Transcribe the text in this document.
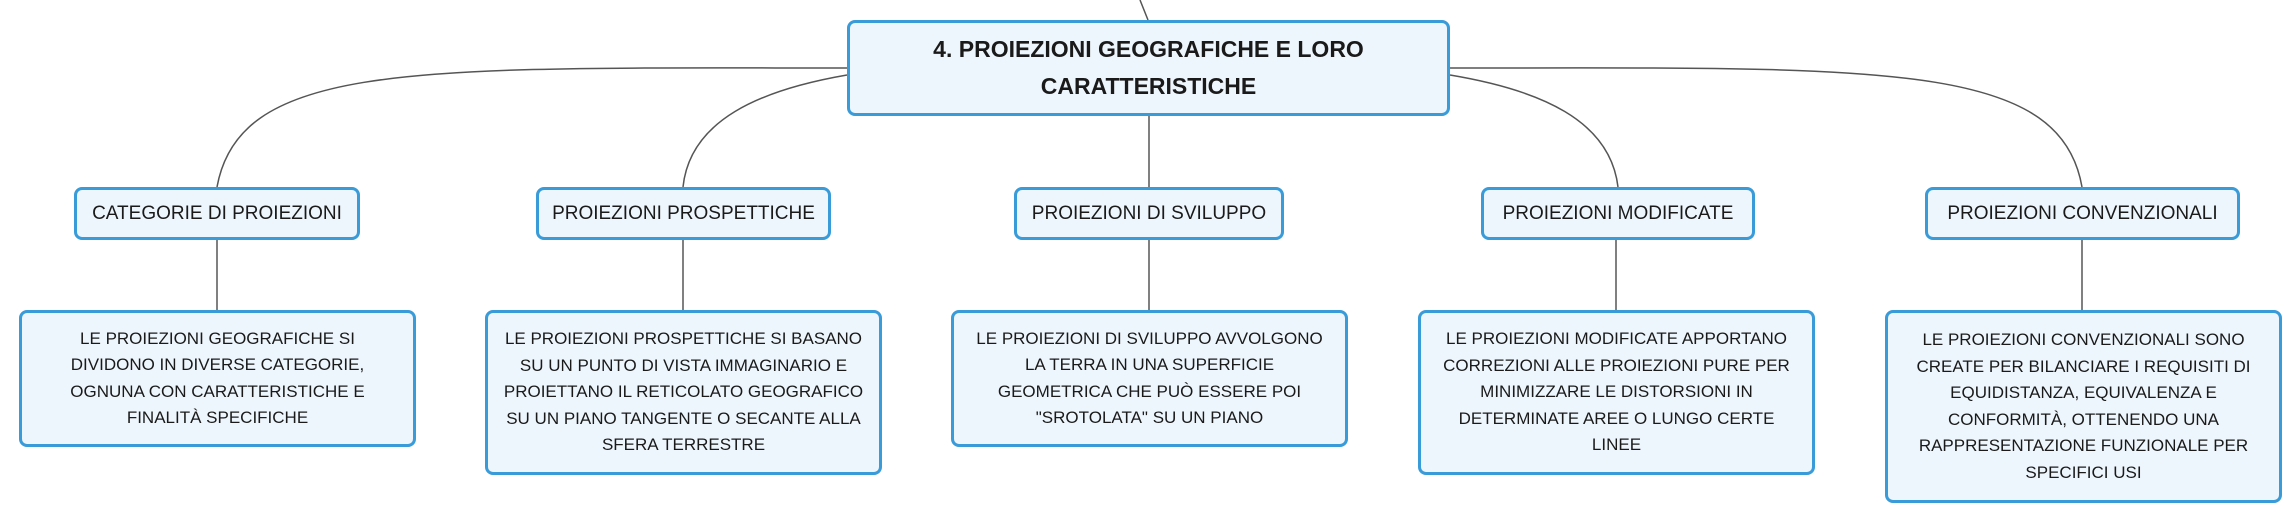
4. PROIEZIONI GEOGRAFICHE E LORO
CARATTERISTICHE
CATEGORIE DI PROIEZIONI	PROIEZIONI PROSPETTICHE	PROIEZIONI DI SVILUPPO	PROIEZIONI MODIFICATE	PROIEZIONI CONVENZIONALI
LE PROIEZIONI GEOGRAFICHE SI DIVIDONO IN DIVERSE CATEGORIE, OGNUNA CON CARATTERISTICHE E FINALITÀ SPECIFICHE
LE PROIEZIONI PROSPETTICHE SI BASANO SU UN PUNTO DI VISTA IMMAGINARIO E PROIETTANO IL RETICOLATO GEOGRAFICO SU UN PIANO TANGENTE O SECANTE ALLA SFERA TERRESTRE
LE PROIEZIONI DI SVILUPPO AVVOLGONO LA TERRA IN UNA SUPERFICIE GEOMETRICA CHE PUÒ ESSERE POI "SROTOLATA" SU UN PIANO
LE PROIEZIONI MODIFICATE APPORTANO CORREZIONI ALLE PROIEZIONI PURE PER MINIMIZZARE LE DISTORSIONI IN DETERMINATE AREE O LUNGO CERTE LINEE
LE PROIEZIONI CONVENZIONALI SONO CREATE PER BILANCIARE I REQUISITI DI EQUIDISTANZA, EQUIVALENZA E CONFORMITÀ, OTTENENDO UNA RAPPRESENTAZIONE FUNZIONALE PER SPECIFICI USI
